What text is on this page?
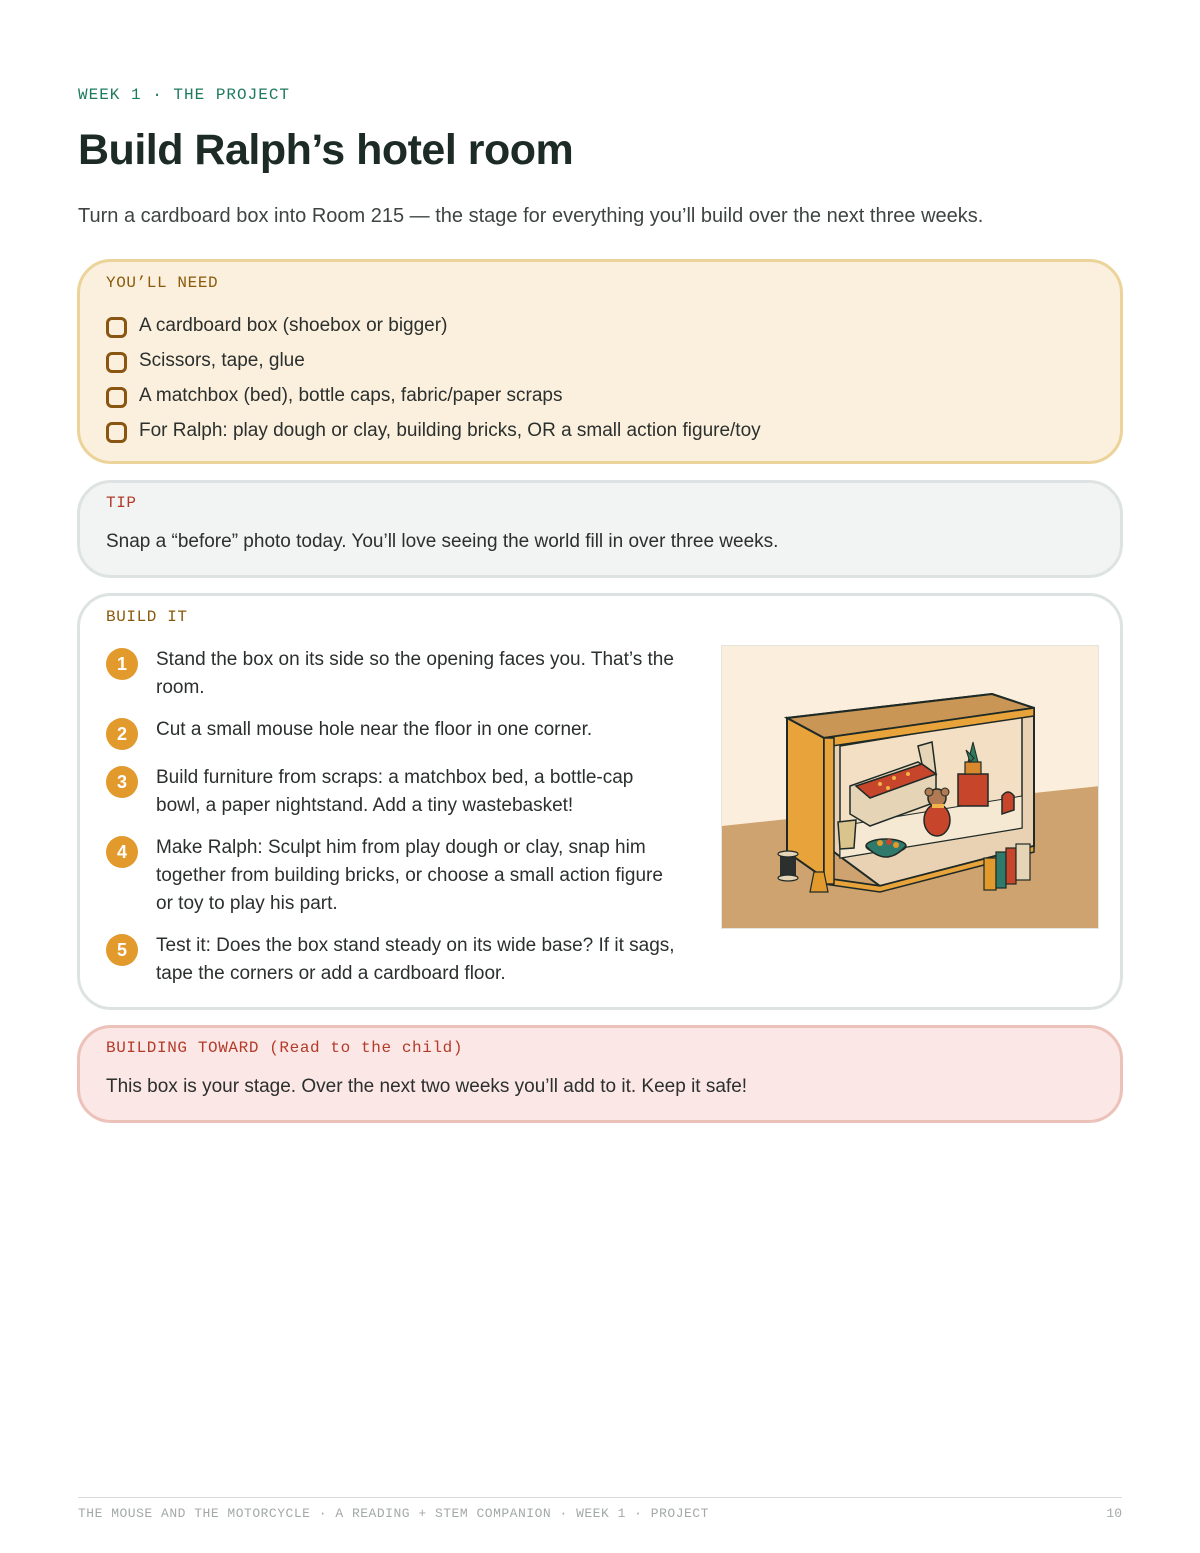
WEEK 1 · THE PROJECT
Build Ralph’s hotel room

Turn a cardboard box into Room 215 — the stage for everything you’ll build over the next three weeks.

YOU’LL NEED
A cardboard box (shoebox or bigger)
Scissors, tape, glue
A matchbox (bed), bottle caps, fabric/paper scraps
For Ralph: play dough or clay, building bricks, OR a small action figure/toy
TIP

Snap a “before” photo today. You’ll love seeing the world fill in over three weeks.

BUILD IT
1	Stand the box on its side so the opening faces you. That’s the room.
2	Cut a small mouse hole near the floor in one corner.
3	Build furniture from scraps: a matchbox bed, a bottle-cap bowl, a paper nightstand. Add a tiny wastebasket!
4	Make Ralph: Sculpt him from play dough or clay, snap him together from building bricks, or choose a small action figure or toy to play his part.
5	Test it: Does the box stand steady on its wide base? If it sags, tape the corners or add a cardboard floor.
BUILDING TOWARD (Read to the child)

This box is your stage. Over the next two weeks you’ll add to it. Keep it safe!

THE MOUSE AND THE MOTORCYCLE · A READING + STEM COMPANION · WEEK 1 · PROJECT	10
